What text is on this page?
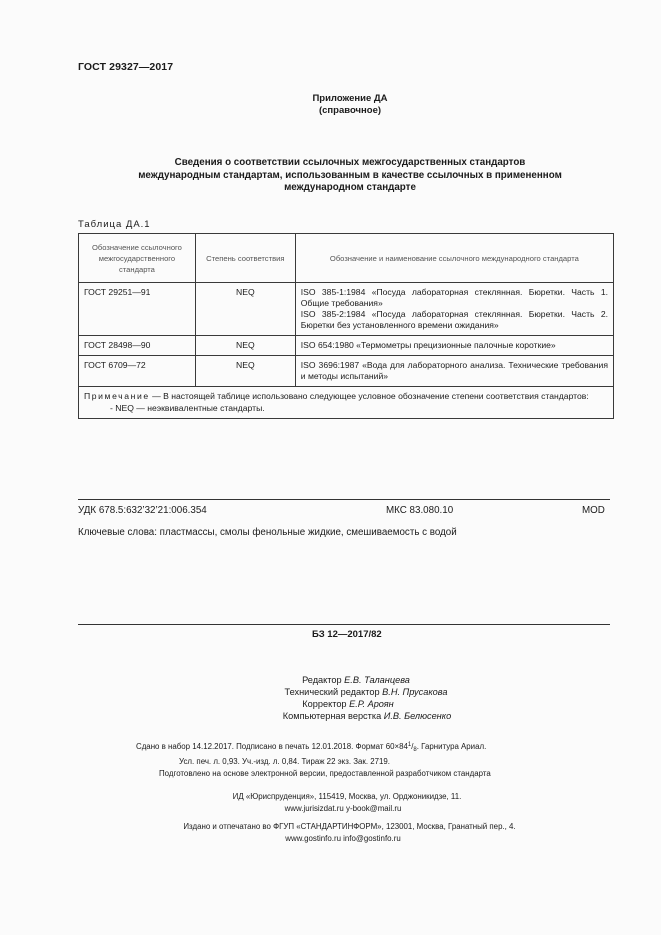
ГОСТ 29327—2017
Приложение ДА
(справочное)
Сведения о соответствии ссылочных межгосударственных стандартов
международным стандартам, использованным в качестве ссылочных в примененном
международном стандарте
Таблица ДА.1
Обозначение ссылочного межгосударственного стандарта	Степень соответствия	Обозначение и наименование ссылочного международного стандарта
ГОСТ 29251—91	NEQ	ISO 385-1:1984 «Посуда лабораторная стеклянная. Бюретки. Часть 1. Общие требования»
ISO 385-2:1984 «Посуда лабораторная стеклянная. Бюретки. Часть 2. Бюретки без установленного времени ожидания»

ГОСТ 28498—90	NEQ	ISO 654:1980 «Термометры прецизионные палочные короткие»

ГОСТ 6709—72	NEQ	ISO 3696:1987 «Вода для лабораторного анализа. Технические требования и методы испытаний»

Примечание — В настоящей таблице использовано следующее условное обозначение степени соответствия стандартов:
- NEQ — неэквивалентные стандарты.		
УДК 678.5:632’32’21:006.354	МКС 83.080.10	MOD
Ключевые слова: пластмассы, смолы фенольные жидкие, смешиваемость с водой
БЗ 12—2017/82
Редактор Е.В. Таланцева
Технический редактор В.Н. Прусакова
Корректор Е.Р. Ароян
Компьютерная верстка И.В. Белюсенко
Сдано в набор 14.12.2017. Подписано в печать 12.01.2018. Формат $60\times 84^1/_8$. Гарнитура Ариал.
Усл. печ. л. 0,93. Уч.-изд. л. 0,84. Тираж 22 экз. Зак. 2719.
Подготовлено на основе электронной версии, предоставленной разработчиком стандарта
ИД «Юриспруденция», 115419, Москва, ул. Орджоникидзе, 11.
www.jurisizdat.ru y-book@mail.ru
Издано и отпечатано во ФГУП «СТАНДАРТИНФОРМ», 123001, Москва, Гранатный пер., 4.
www.gostinfo.ru info@gostinfo.ru
